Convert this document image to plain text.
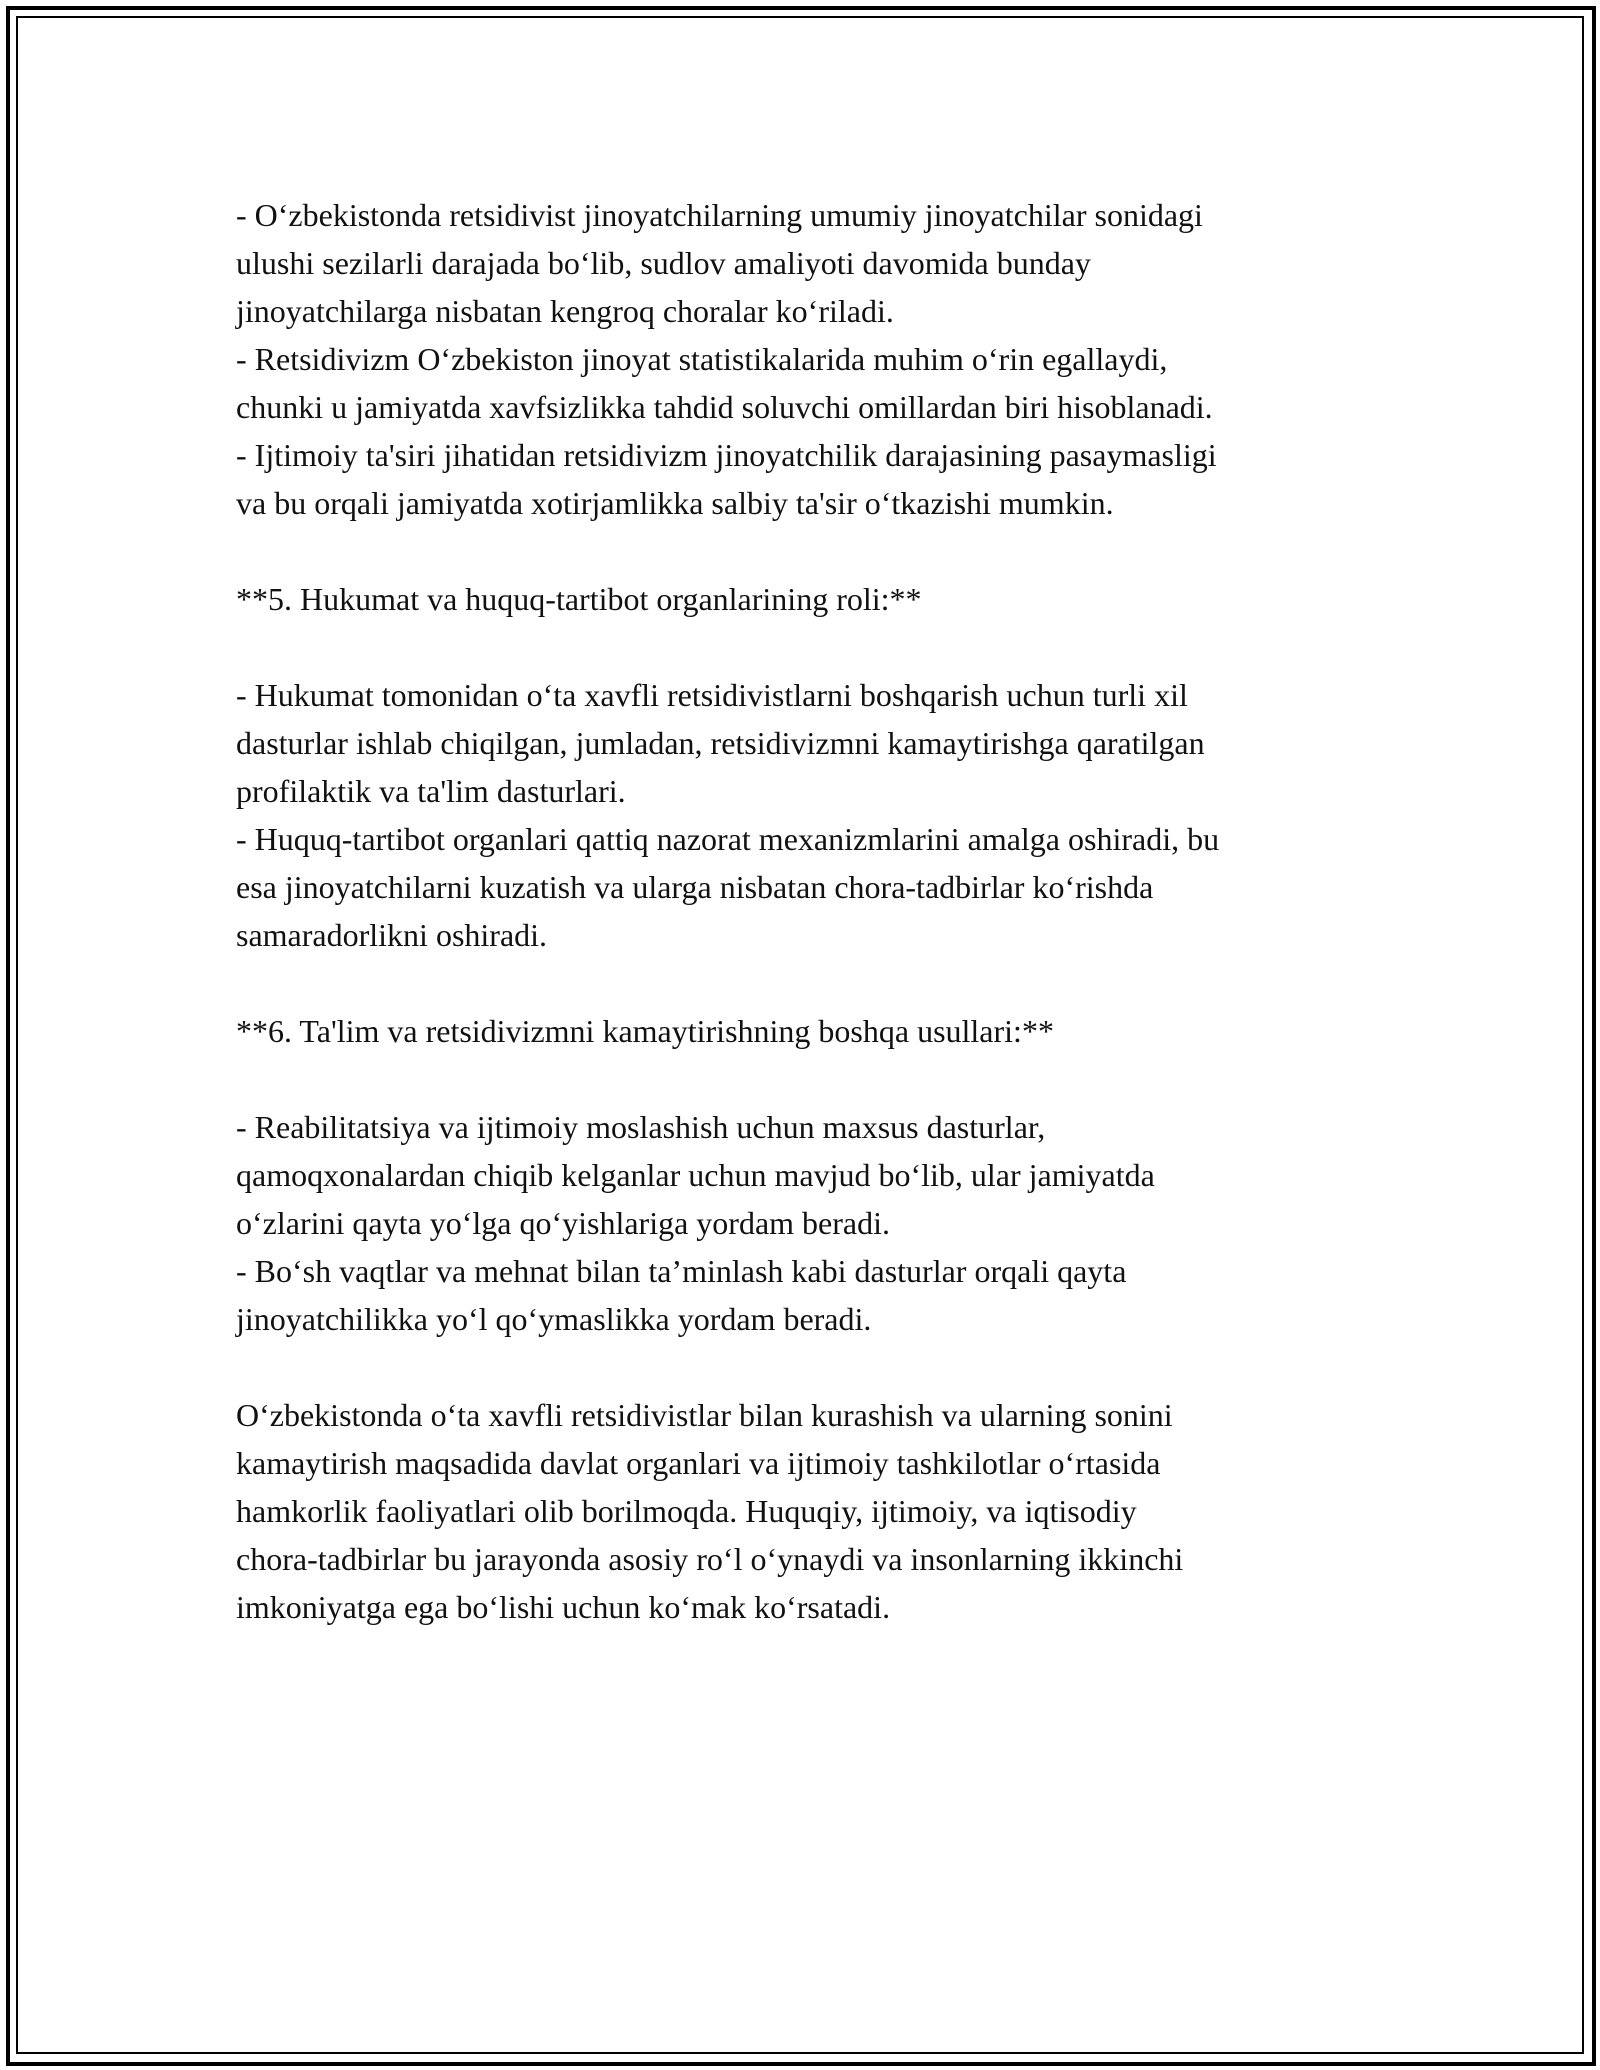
- O‘zbekistonda retsidivist jinoyatchilarning umumiy jinoyatchilar sonidagi
ulushi sezilarli darajada bo‘lib, sudlov amaliyoti davomida bunday
jinoyatchilarga nisbatan kengroq choralar ko‘riladi.

- Retsidivizm O‘zbekiston jinoyat statistikalarida muhim o‘rin egallaydi,
chunki u jamiyatda xavfsizlikka tahdid soluvchi omillardan biri hisoblanadi.

- Ijtimoiy ta'siri jihatidan retsidivizm jinoyatchilik darajasining pasaymasligi
va bu orqali jamiyatda xotirjamlikka salbiy ta'sir o‘tkazishi mumkin.

**5. Hukumat va huquq-tartibot organlarining roli:**

- Hukumat tomonidan o‘ta xavfli retsidivistlarni boshqarish uchun turli xil
dasturlar ishlab chiqilgan, jumladan, retsidivizmni kamaytirishga qaratilgan
profilaktik va ta'lim dasturlari.

- Huquq-tartibot organlari qattiq nazorat mexanizmlarini amalga oshiradi, bu
esa jinoyatchilarni kuzatish va ularga nisbatan chora-tadbirlar ko‘rishda
samaradorlikni oshiradi.

**6. Ta'lim va retsidivizmni kamaytirishning boshqa usullari:**

- Reabilitatsiya va ijtimoiy moslashish uchun maxsus dasturlar,
qamoqxonalardan chiqib kelganlar uchun mavjud bo‘lib, ular jamiyatda
o‘zlarini qayta yo‘lga qo‘yishlariga yordam beradi.

- Bo‘sh vaqtlar va mehnat bilan ta’minlash kabi dasturlar orqali qayta
jinoyatchilikka yo‘l qo‘ymaslikka yordam beradi.

O‘zbekistonda o‘ta xavfli retsidivistlar bilan kurashish va ularning sonini
kamaytirish maqsadida davlat organlari va ijtimoiy tashkilotlar o‘rtasida
hamkorlik faoliyatlari olib borilmoqda. Huquqiy, ijtimoiy, va iqtisodiy
chora-tadbirlar bu jarayonda asosiy ro‘l o‘ynaydi va insonlarning ikkinchi
imkoniyatga ega bo‘lishi uchun ko‘mak ko‘rsatadi.
